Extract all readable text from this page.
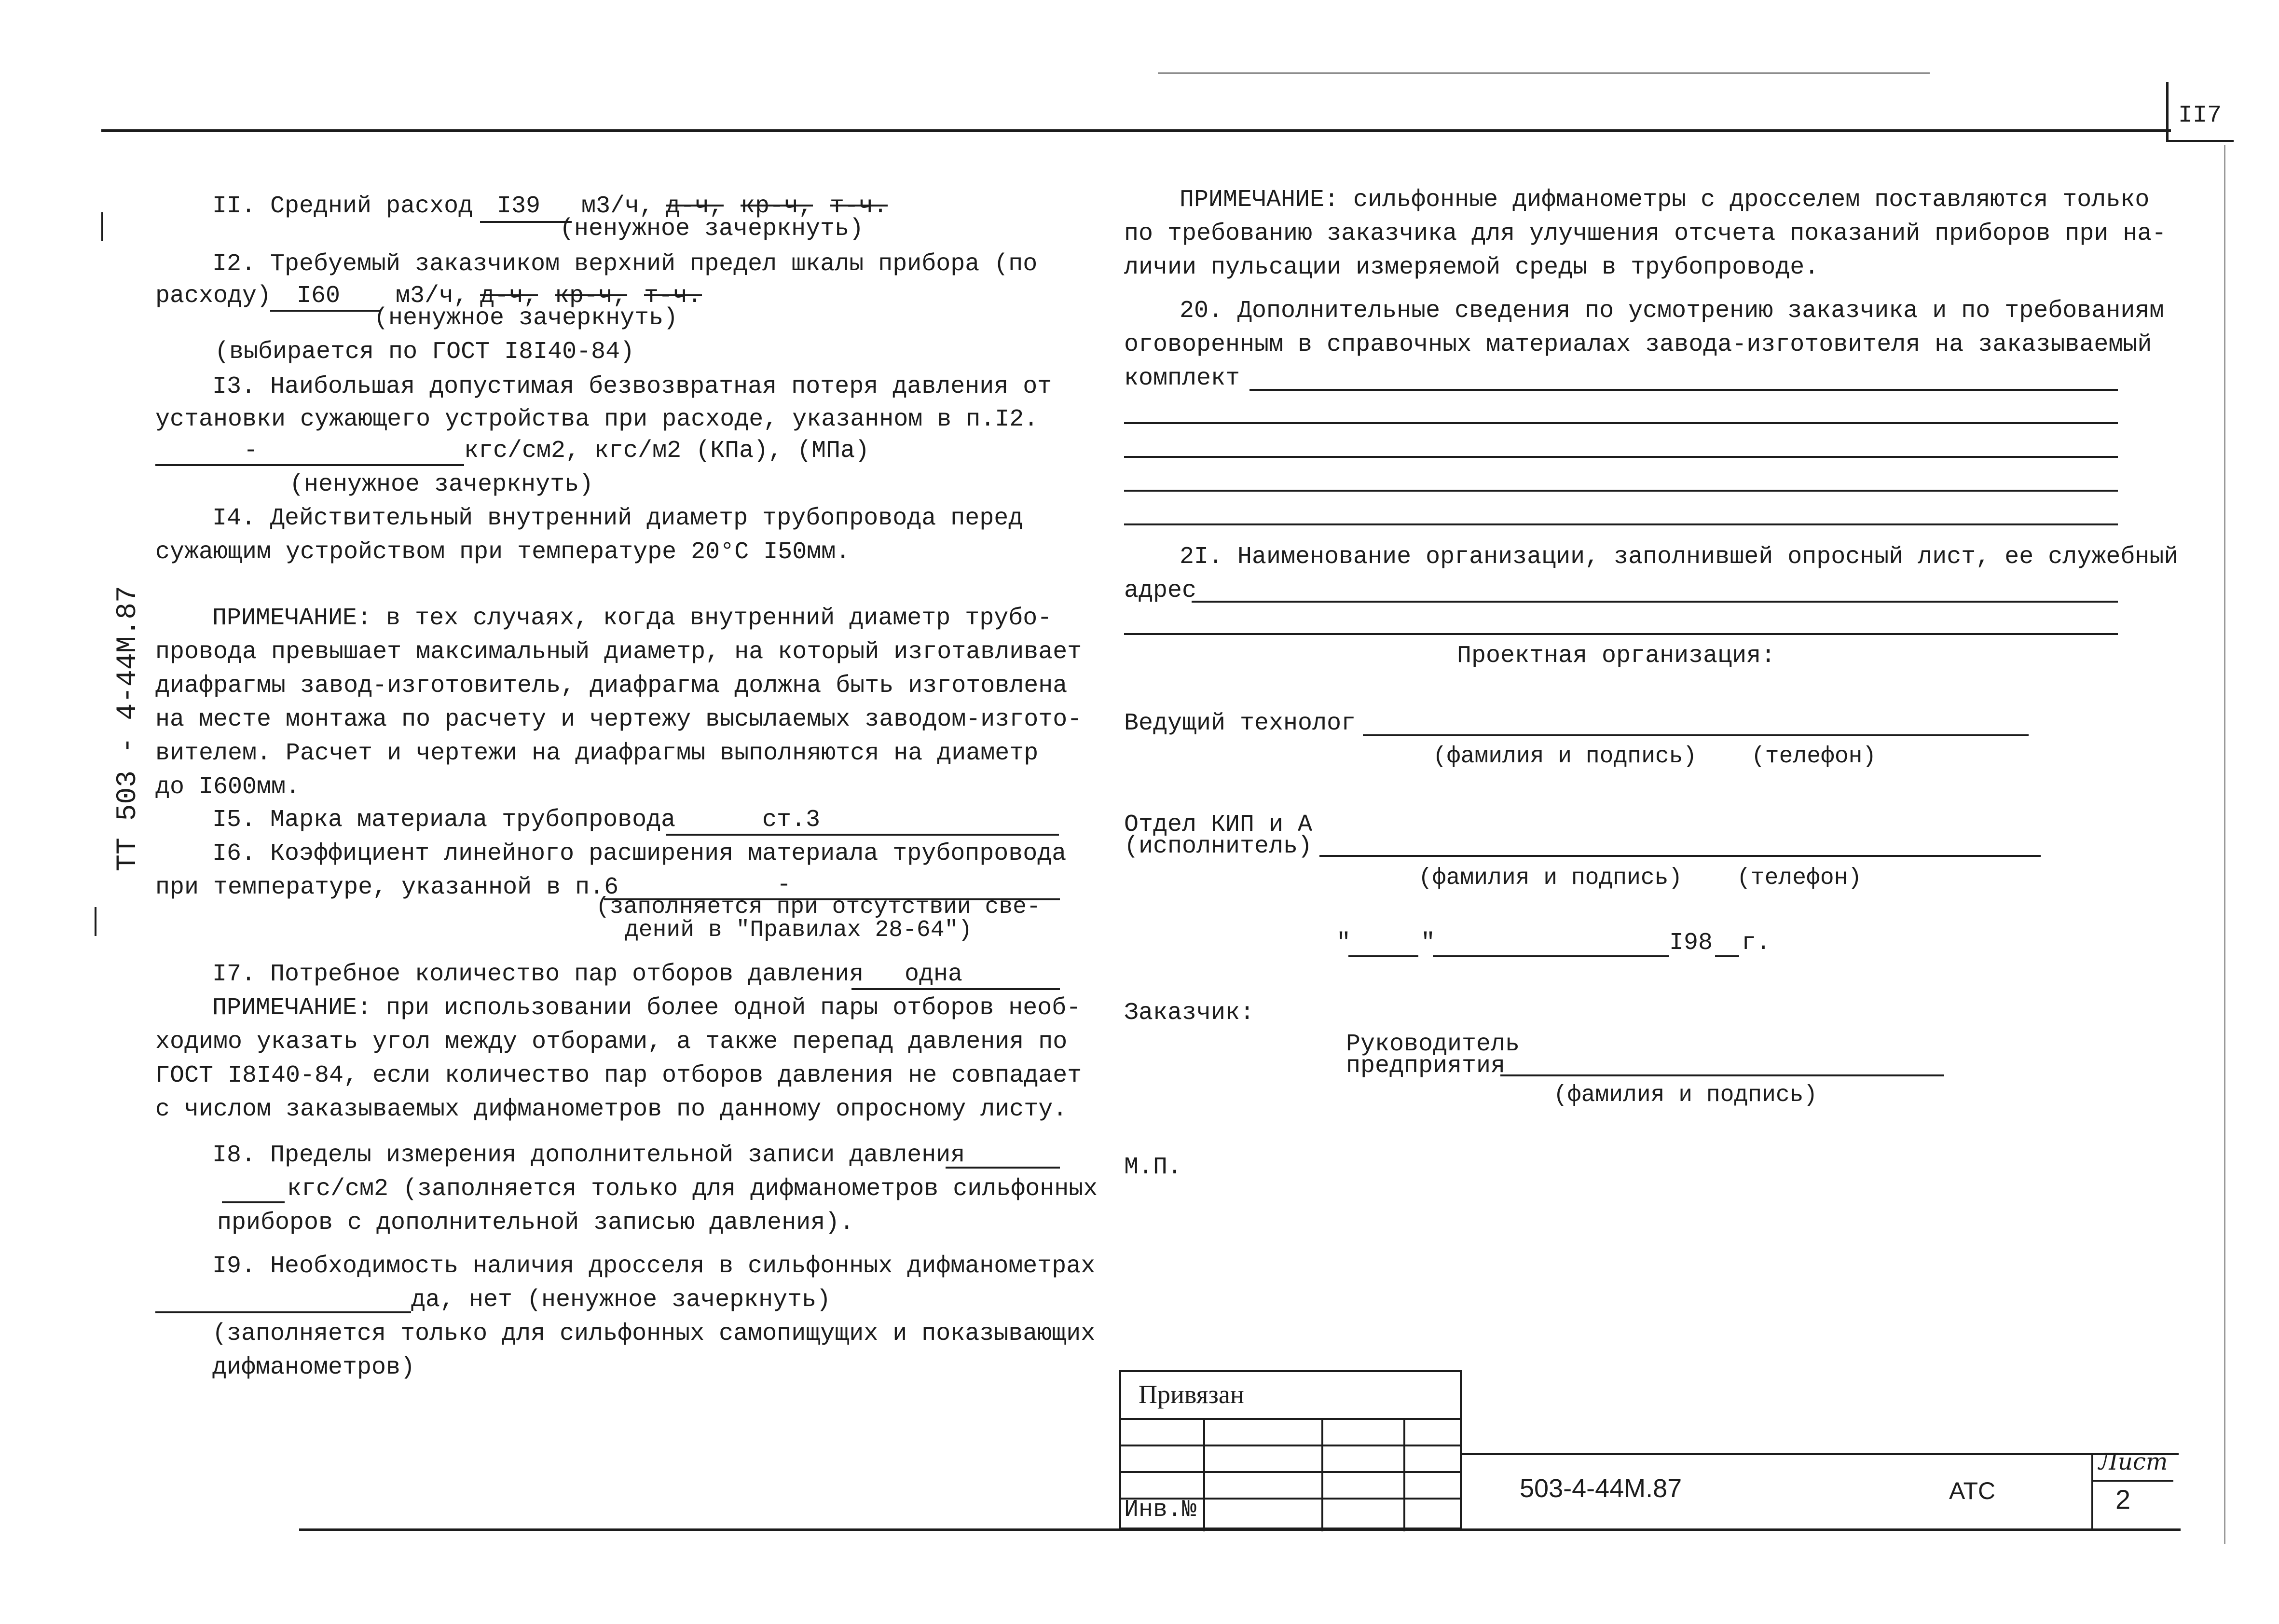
II7
ТТ 503 - 4-44М.87
II. Средний расход I39 м3/ч, д-ч, кр-ч, т-ч.
(ненужное зачеркнуть)
I2. Требуемый заказчиком верхний предел шкалы прибора (по
расходу) I60 м3/ч, д-ч, кр-ч, т-ч.
(ненужное зачеркнуть)
(выбирается по ГОСТ I8I40-84)
I3. Наибольшая допустимая безвозвратная потеря давления от
установки сужающего устройства при расходе, указанном в п.I2.
-	кгс/см2, кгс/м2 (КПа), (МПа)
(ненужное зачеркнуть)
I4. Действительный внутренний диаметр трубопровода перед
сужающим устройством при температуре 20°С I50мм.
ПРИМЕЧАНИЕ: в тех случаях, когда внутренний диаметр трубо-
провода превышает максимальный диаметр, на который изготавливает
диафрагмы завод-изготовитель, диафрагма должна быть изготовлена
на месте монтажа по расчету и чертежу высылаемых заводом-изгото-
вителем. Расчет и чертежи на диафрагмы выполняются на диаметр
до I600мм.
I5. Марка материала трубопровода	ст.3
I6. Коэффициент линейного расширения материала трубопровода
при температуре, указанной в п.6	-
(заполняется при отсутствии све-
дений в "Правилах 28-64")
I7. Потребное количество пар отборов давления одна
ПРИМЕЧАНИЕ: при использовании более одной пары отборов необ-
ходимо указать угол между отборами, а также перепад давления по
ГОСТ I8I40-84, если количество пар отборов давления не совпадает
с числом заказываемых дифманометров по данному опросному листу.
I8. Пределы измерения дополнительной записи давления
кгс/см2 (заполняется только для дифманометров сильфонных
приборов с дополнительной записью давления).
I9. Необходимость наличия дросселя в сильфонных дифманометрах
да, нет (ненужное зачеркнуть)
(заполняется только для сильфонных самопищущих и показывающих
дифманометров)
ПРИМЕЧАНИЕ: сильфонные дифманометры с дросселем поставляются только
по требованию заказчика для улучшения отсчета показаний приборов при на-
личии пульсации измеряемой среды в трубопроводе.
20. Дополнительные сведения по усмотрению заказчика и по требованиям
оговоренным в справочных материалах завода-изготовителя на заказываемый
комплект
2I. Наименование организации, заполнившей опросный лист, ее служебный
адрес
Проектная организация:
Ведущий технолог
(фамилия и подпись) (телефон)
Отдел КИП и А
(исполнитель)
(фамилия и подпись) (телефон)
"	"	I98 г.
Заказчик:
Руководитель
предприятия
(фамилия и подпись)
М.П.
Привязан
Инв.№
503-4-44М.87	АТС
Лист
2
